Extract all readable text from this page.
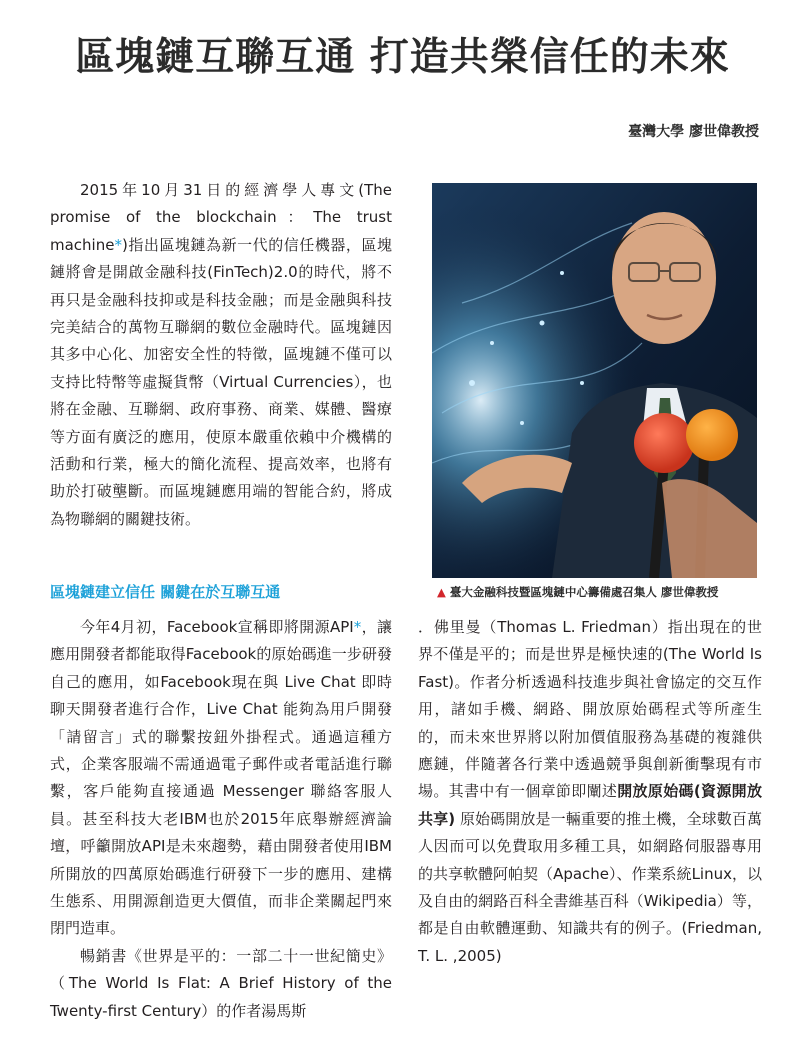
區塊鏈互聯互通 打造共榮信任的未來

臺灣大學 廖世偉教授

2015年10月31日的經濟學人專文(The promise of the blockchain：The trust machine*)指出區塊鏈為新一代的信任機器，區塊鏈將會是開啟金融科技(FinTech)2.0的時代，將不再只是金融科技抑或是科技金融；而是金融與科技完美結合的萬物互聯網的數位金融時代。區塊鏈因其多中心化、加密安全性的特徵，區塊鏈不僅可以支持比特幣等虛擬貨幣（Virtual Currencies），也將在金融、互聯網、政府事務、商業、媒體、醫療等方面有廣泛的應用，使原本嚴重依賴中介機構的活動和行業，極大的簡化流程、提高效率，也將有助於打破壟斷。而區塊鏈應用端的智能合約，將成為物聯網的關鍵技術。

▲ 臺大金融科技暨區塊鏈中心籌備處召集人 廖世偉教授

區塊鏈建立信任 關鍵在於互聯互通

今年4月初，Facebook宣稱即將開源API*，讓應用開發者都能取得Facebook的原始碼進一步研發自己的應用，如Facebook現在與 Live Chat 即時聊天開發者進行合作，Live Chat 能夠為用戶開發「請留言」式的聯繫按鈕外掛程式。通過這種方式，企業客服端不需通過電子郵件或者電話進行聯繫，客戶能夠直接通過 Messenger 聯絡客服人員。甚至科技大老IBM也於2015年底舉辦經濟論壇，呼籲開放API是未來趨勢，藉由開發者使用IBM所開放的四萬原始碼進行研發下一步的應用、建構生態系、用開源創造更大價值，而非企業關起門來閉門造車。

暢銷書《世界是平的：一部二十一世紀簡史》（The World Is Flat: A Brief History of the Twenty-first Century）的作者湯馬斯

．佛里曼（Thomas L. Friedman）指出現在的世界不僅是平的；而是世界是極快速的(The World Is Fast)。作者分析透過科技進步與社會協定的交互作用，諸如手機、網路、開放原始碼程式等所產生的，而未來世界將以附加價值服務為基礎的複雜供應鏈，伴隨著各行業中透過競爭與創新衝擊現有市場。其書中有一個章節即闡述開放原始碼(資源開放共享) 原始碼開放是一輛重要的推土機，全球數百萬人因而可以免費取用多種工具，如網路伺服器專用的共享軟體阿帕契（Apache）、作業系統Linux，以及自由的網路百科全書維基百科（Wikipedia）等，都是自由軟體運動、知識共有的例子。(Friedman, T. L. ,2005)
